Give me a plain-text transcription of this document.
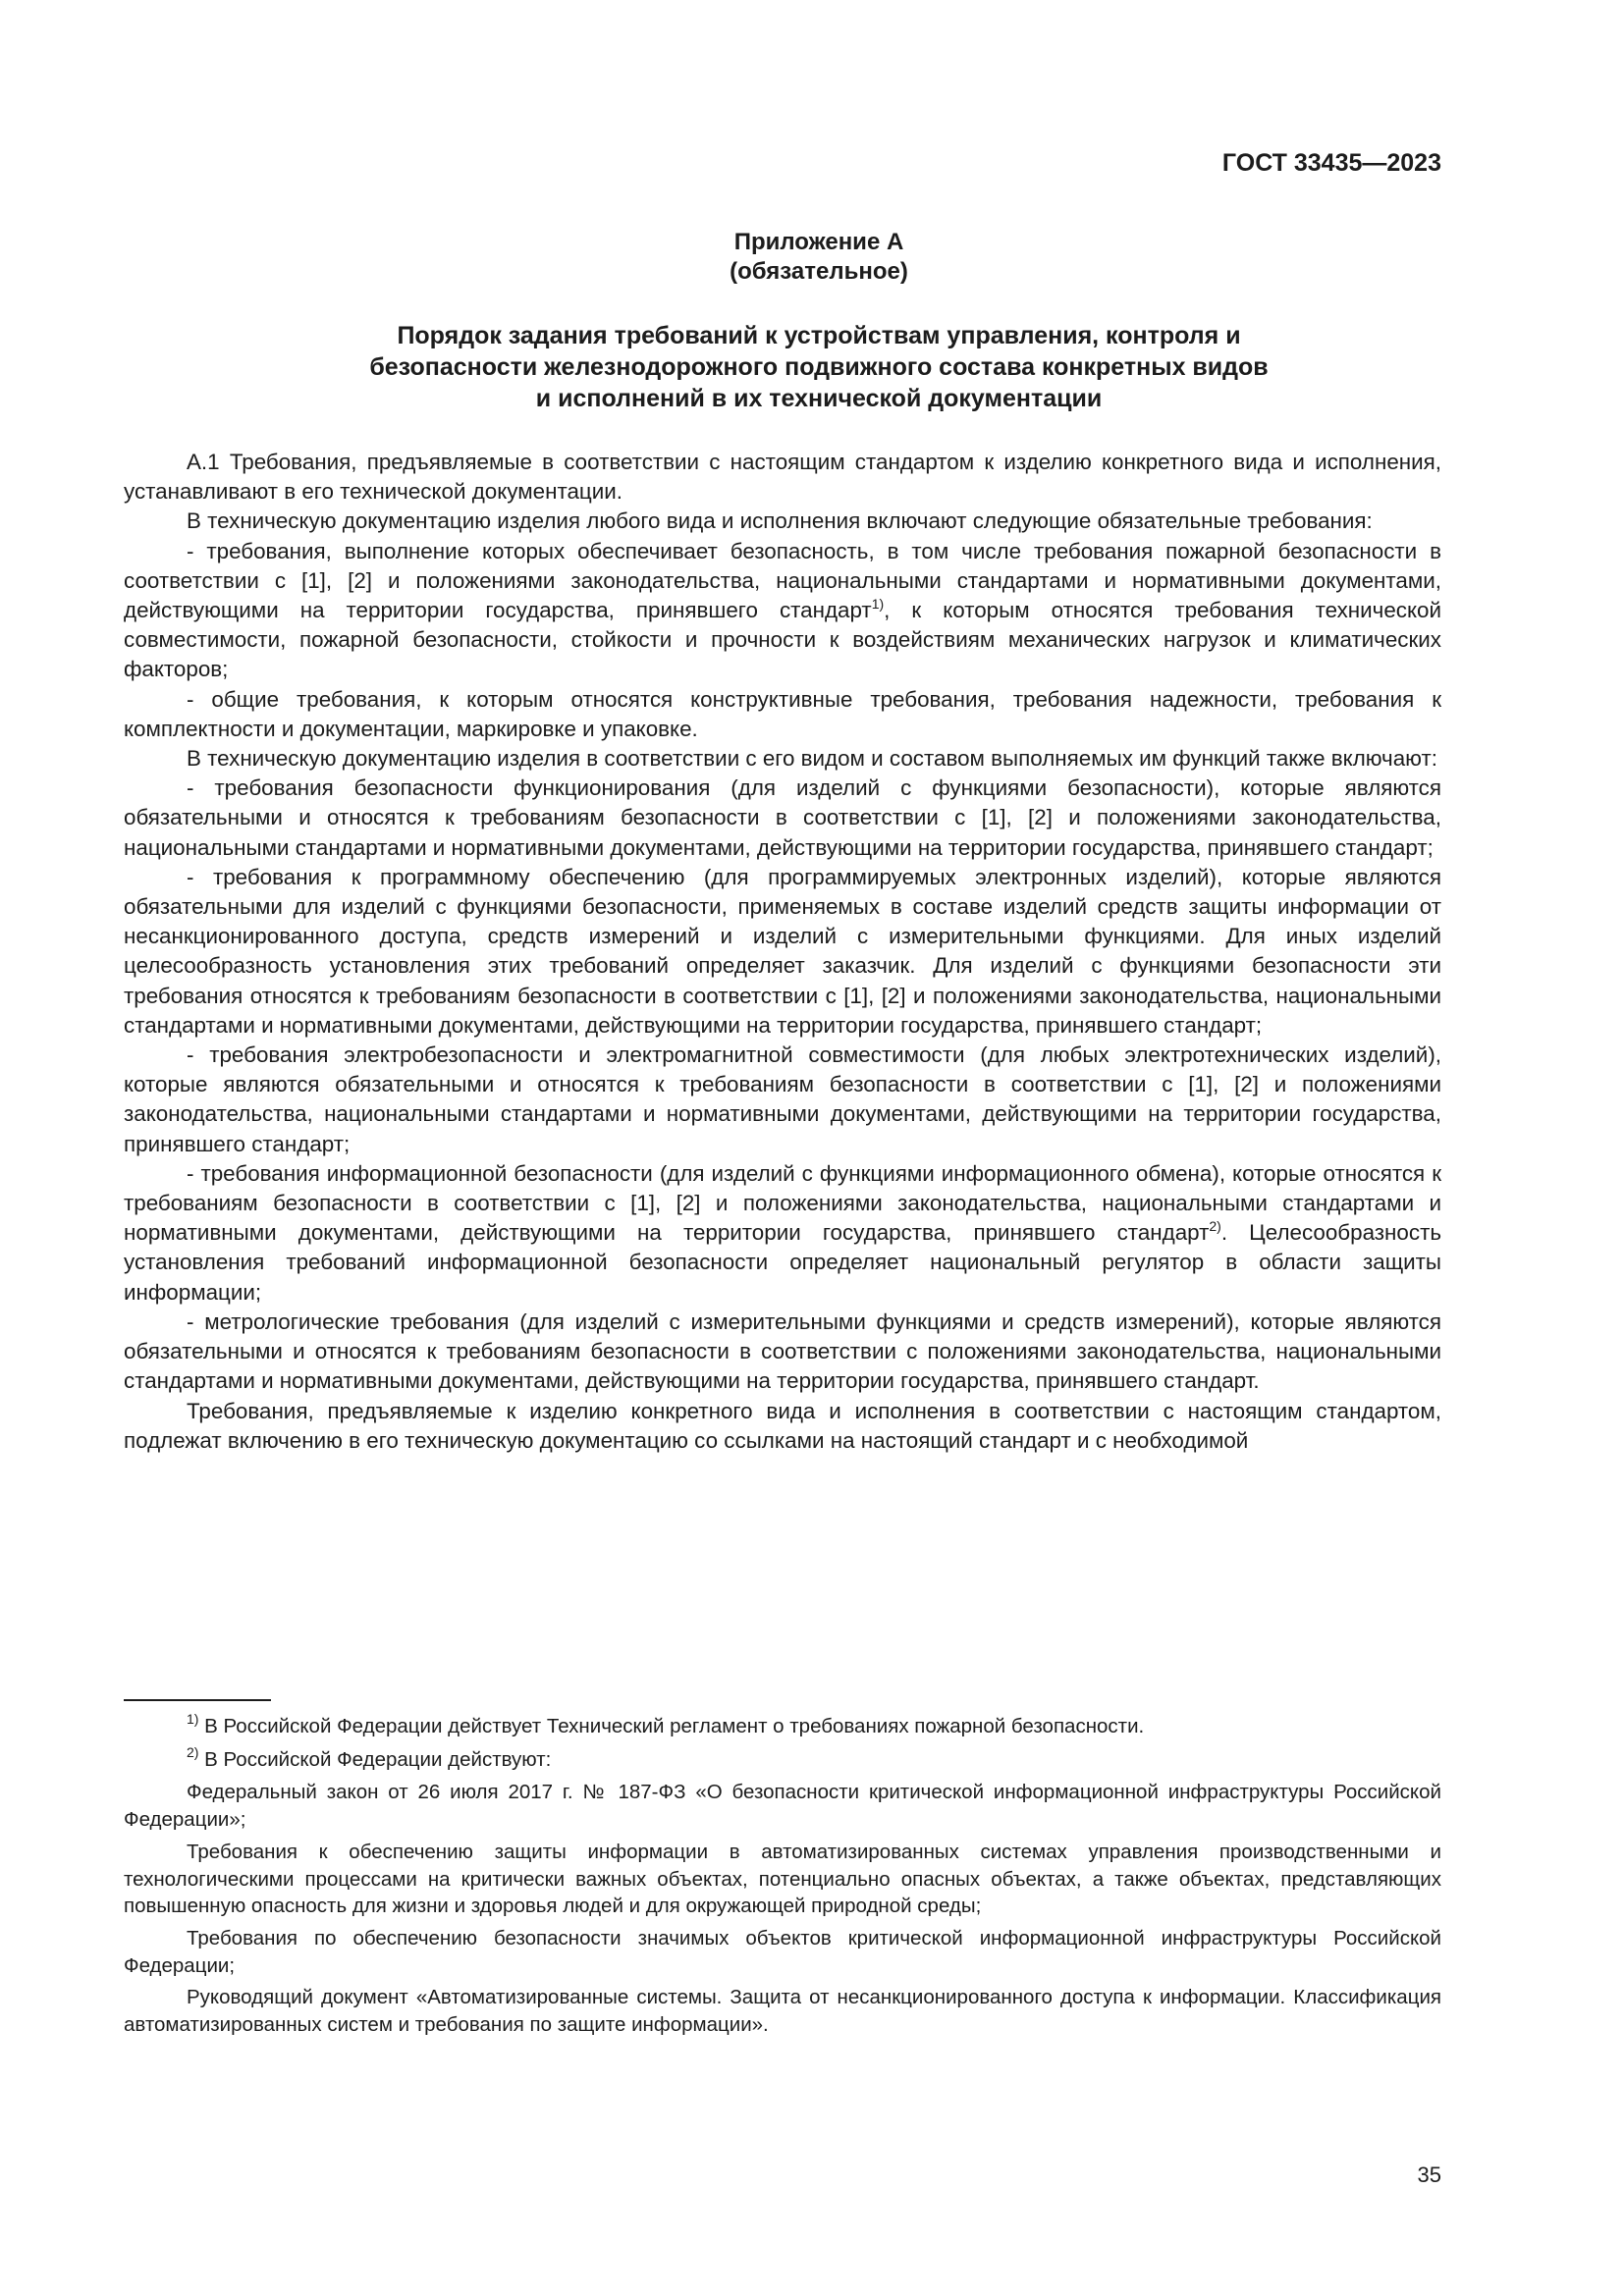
ГОСТ 33435—2023

Приложение А

(обязательное)

Порядок задания требований к устройствам управления, контроля и
безопасности железнодорожного подвижного состава конкретных видов
и исполнений в их технической документации

А.1 Требования, предъявляемые в соответствии с настоящим стандартом к изделию конкретного вида и исполнения, устанавливают в его технической документации.

В техническую документацию изделия любого вида и исполнения включают следующие обязательные требования:

- требования, выполнение которых обеспечивает безопасность, в том числе требования пожарной безопасности в соответствии с [1], [2] и положениями законодательства, национальными стандартами и нормативными документами, действующими на территории государства, принявшего стандарт$^{1)}$, к которым относятся требования технической совместимости, пожарной безопасности, стойкости и прочности к воздействиям механических нагрузок и климатических факторов;

- общие требования, к которым относятся конструктивные требования, требования надежности, требования к комплектности и документации, маркировке и упаковке.

В техническую документацию изделия в соответствии с его видом и составом выполняемых им функций также включают:

- требования безопасности функционирования (для изделий с функциями безопасности), которые являются обязательными и относятся к требованиям безопасности в соответствии с [1], [2] и положениями законодательства, национальными стандартами и нормативными документами, действующими на территории государства, принявшего стандарт;

- требования к программному обеспечению (для программируемых электронных изделий), которые являются обязательными для изделий с функциями безопасности, применяемых в составе изделий средств защиты информации от несанкционированного доступа, средств измерений и изделий с измерительными функциями. Для иных изделий целесообразность установления этих требований определяет заказчик. Для изделий с функциями безопасности эти требования относятся к требованиям безопасности в соответствии с [1], [2] и положениями законодательства, национальными стандартами и нормативными документами, действующими на территории государства, принявшего стандарт;

- требования электробезопасности и электромагнитной совместимости (для любых электротехнических изделий), которые являются обязательными и относятся к требованиям безопасности в соответствии с [1], [2] и положениями законодательства, национальными стандартами и нормативными документами, действующими на территории государства, принявшего стандарт;

- требования информационной безопасности (для изделий с функциями информационного обмена), которые относятся к требованиям безопасности в соответствии с [1], [2] и положениями законодательства, национальными стандартами и нормативными документами, действующими на территории государства, принявшего стандарт$^{2)}$. Целесообразность установления требований информационной безопасности определяет национальный регулятор в области защиты информации;

- метрологические требования (для изделий с измерительными функциями и средств измерений), которые являются обязательными и относятся к требованиям безопасности в соответствии с положениями законодательства, национальными стандартами и нормативными документами, действующими на территории государства, принявшего стандарт.

Требования, предъявляемые к изделию конкретного вида и исполнения в соответствии с настоящим стандартом, подлежат включению в его техническую документацию со ссылками на настоящий стандарт и с необходимой

$^{1)}$ В Российской Федерации действует Технический регламент о требованиях пожарной безопасности.

$^{2)}$ В Российской Федерации действуют:

Федеральный закон от 26 июля 2017 г. № 187-ФЗ «О безопасности критической информационной инфраструктуры Российской Федерации»;

Требования к обеспечению защиты информации в автоматизированных системах управления производственными и технологическими процессами на критически важных объектах, потенциально опасных объектах, а также объектах, представляющих повышенную опасность для жизни и здоровья людей и для окружающей природной среды;

Требования по обеспечению безопасности значимых объектов критической информационной инфраструктуры Российской Федерации;

Руководящий документ «Автоматизированные системы. Защита от несанкционированного доступа к информации. Классификация автоматизированных систем и требования по защите информации».

35
